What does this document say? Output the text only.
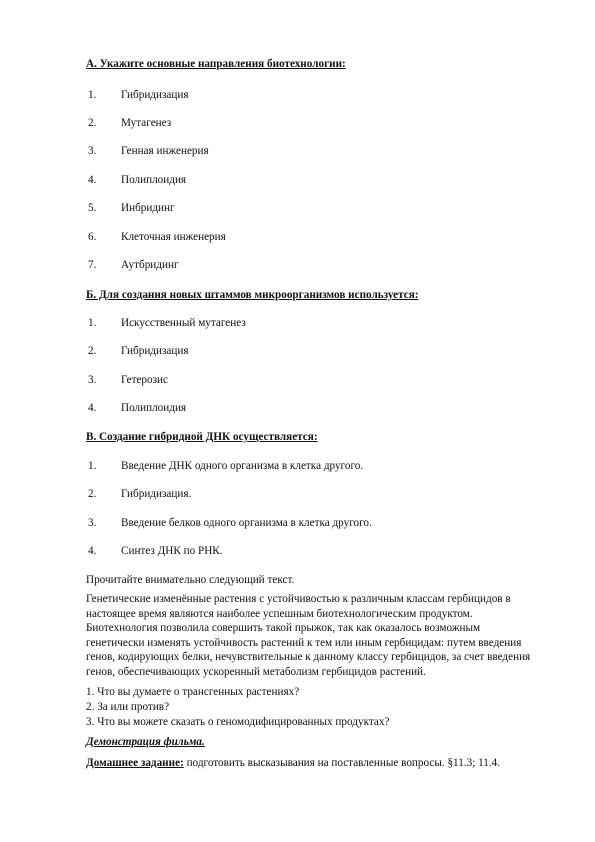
А. Укажите основные направления биотехнологии:
1. Гибридизация
2. Мутагенез
3. Генная инженерия
4. Полиплоидия
5. Инбридинг
6. Клеточная инженерия
7. Аутбридинг
Б. Для создания новых штаммов микроорганизмов используется:
1. Искусственный мутагенез
2. Гибридизация
3. Гетерозис
4. Полиплоидия
В. Создание гибридной ДНК осуществляется:
1. Введение ДНК одного организма в клетка другого.
2. Гибридизация.
3. Введение белков одного организма в клетка другого.
4. Синтез ДНК по РНК.
Прочитайте внимательно следующий текст.
Генетические изменённые растения с устойчивостью к различным классам гербицидов в настоящее время являются наиболее успешным биотехнологическим продуктом. Биотехнология позволила совершить такой прыжок, так как оказалось возможным генетически изменять устойчивость растений к тем или иным гербицидам: путем введения генов, кодирующих белки, нечувствительные к данному классу гербицидов, за счет введения генов, обеспечивающих ускоренный метаболизм гербицидов растений.
1. Что вы думаете о трансгенных растениях?
2. За или против?
3. Что вы можете сказать о геномодифицированных продуктах?
Демонстрация фильма.
Домашнее задание: подготовить высказывания на поставленные вопросы. §11.3; 11.4.
